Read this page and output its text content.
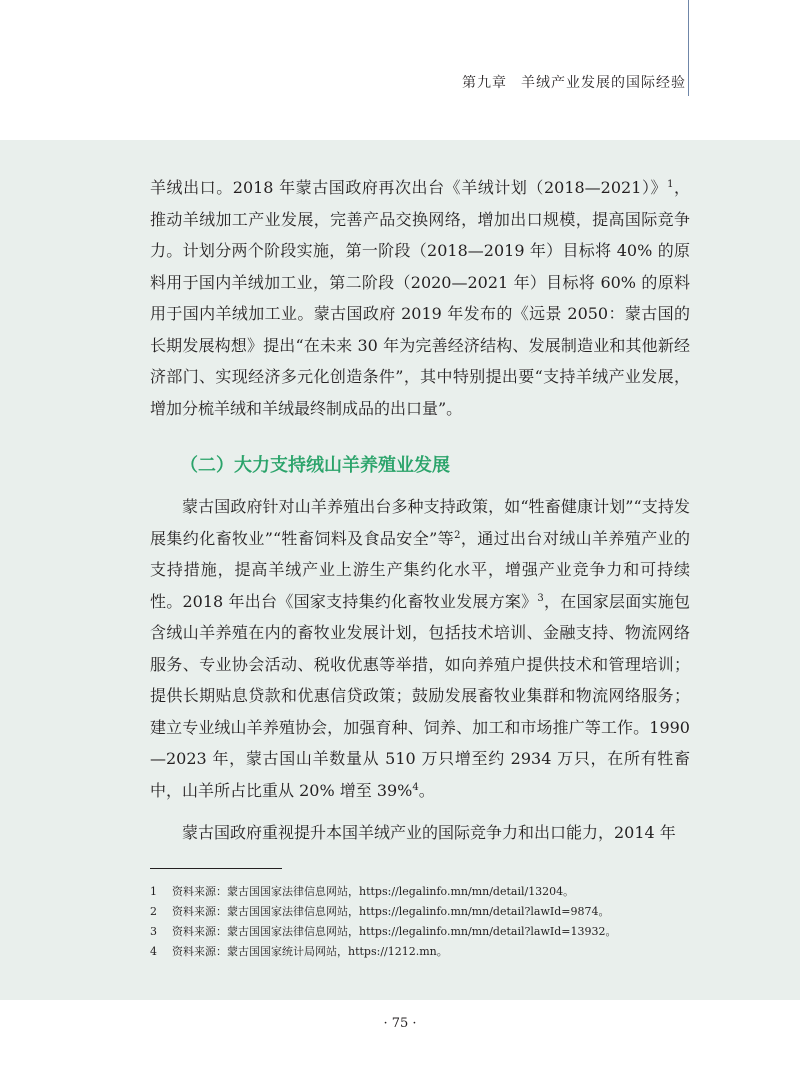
第九章 羊绒产业发展的国际经验

羊绒出口。2018 年蒙古国政府再次出台《羊绒计划（2018—2021）》$^1$，推动羊绒加工产业发展，完善产品交换网络，增加出口规模，提高国际竞争力。计划分两个阶段实施，第一阶段（2018—2019 年）目标将 40% 的原料用于国内羊绒加工业，第二阶段（2020—2021 年）目标将 60% 的原料用于国内羊绒加工业。蒙古国政府 2019 年发布的《远景 2050：蒙古国的长期发展构想》提出“在未来 30 年为完善经济结构、发展制造业和其他新经济部门、实现经济多元化创造条件”，其中特别提出要“支持羊绒产业发展，增加分梳羊绒和羊绒最终制成品的出口量”。

（二）大力支持绒山羊养殖业发展

蒙古国政府针对山羊养殖出台多种支持政策，如“牲畜健康计划”“支持发展集约化畜牧业”“牲畜饲料及食品安全”等$^2$，通过出台对绒山羊养殖产业的支持措施，提高羊绒产业上游生产集约化水平，增强产业竞争力和可持续性。2018 年出台《国家支持集约化畜牧业发展方案》$^3$，在国家层面实施包含绒山羊养殖在内的畜牧业发展计划，包括技术培训、金融支持、物流网络服务、专业协会活动、税收优惠等举措，如向养殖户提供技术和管理培训；提供长期贴息贷款和优惠信贷政策；鼓励发展畜牧业集群和物流网络服务；建立专业绒山羊养殖协会，加强育种、饲养、加工和市场推广等工作。1990—2023 年，蒙古国山羊数量从 510 万只增至约 2934 万只，在所有牲畜中，山羊所占比重从 20% 增至 39%$^4$。

蒙古国政府重视提升本国羊绒产业的国际竞争力和出口能力，2014 年

1 资料来源：蒙古国国家法律信息网站，https://legalinfo.mn/mn/detail/13204。
2 资料来源：蒙古国国家法律信息网站，https://legalinfo.mn/mn/detail?lawId=9874。
3 资料来源：蒙古国国家法律信息网站，https://legalinfo.mn/mn/detail?lawId=13932。
4 资料来源：蒙古国国家统计局网站，https://1212.mn。
· 75 ·
